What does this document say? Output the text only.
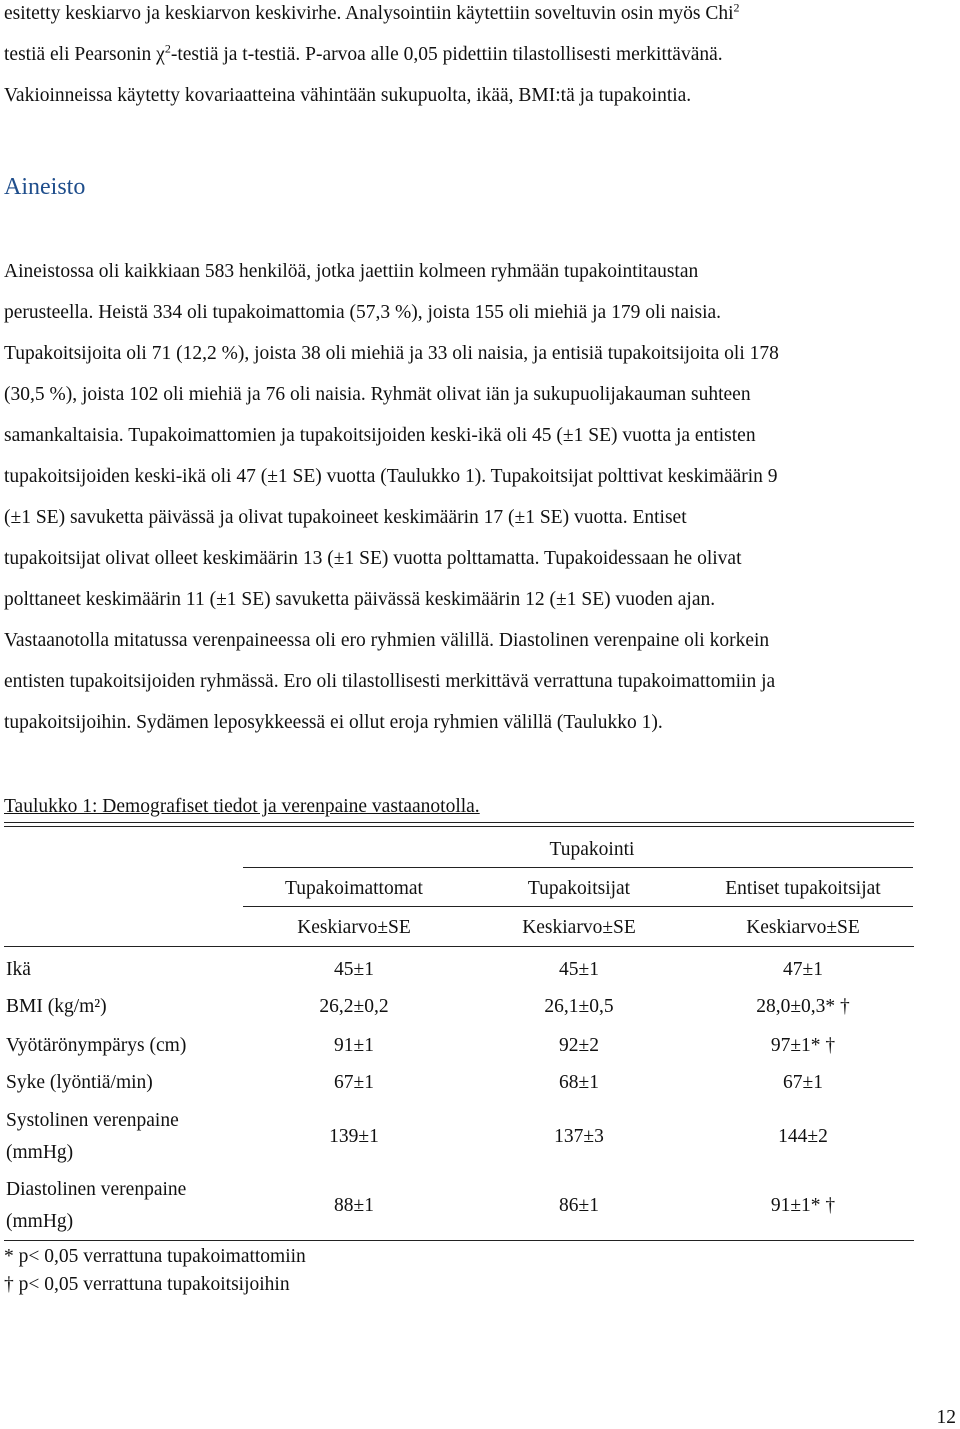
esitetty keskiarvo ja keskiarvon keskivirhe. Analysointiin käytettiin soveltuvin osin myös Chi$^2$
testiä eli Pearsonin $\chi^2$-testiä ja t-testiä. P-arvoa alle 0,05 pidettiin tilastollisesti merkittävänä.
Vakioinneissa käytetty kovariaatteina vähintään sukupuolta, ikää, BMI:tä ja tupakointia.
Aineisto
Aineistossa oli kaikkiaan 583 henkilöä, jotka jaettiin kolmeen ryhmään tupakointitaustan
perusteella. Heistä 334 oli tupakoimattomia (57,3 %), joista 155 oli miehiä ja 179 oli naisia.
Tupakoitsijoita oli 71 (12,2 %), joista 38 oli miehiä ja 33 oli naisia, ja entisiä tupakoitsijoita oli 178
(30,5 %), joista 102 oli miehiä ja 76 oli naisia. Ryhmät olivat iän ja sukupuolijakauman suhteen
samankaltaisia. Tupakoimattomien ja tupakoitsijoiden keski-ikä oli 45 (±1 SE) vuotta ja entisten
tupakoitsijoiden keski-ikä oli 47 (±1 SE) vuotta (Taulukko 1). Tupakoitsijat polttivat keskimäärin 9
(±1 SE) savuketta päivässä ja olivat tupakoineet keskimäärin 17 (±1 SE) vuotta. Entiset
tupakoitsijat olivat olleet keskimäärin 13 (±1 SE) vuotta polttamatta. Tupakoidessaan he olivat
polttaneet keskimäärin 11 (±1 SE) savuketta päivässä keskimäärin 12 (±1 SE) vuoden ajan.
Vastaanotolla mitatussa verenpaineessa oli ero ryhmien välillä. Diastolinen verenpaine oli korkein
entisten tupakoitsijoiden ryhmässä. Ero oli tilastollisesti merkittävä verrattuna tupakoimattomiin ja
tupakoitsijoihin. Sydämen leposykkeessä ei ollut eroja ryhmien välillä (Taulukko 1).
Taulukko 1: Demografiset tiedot ja verenpaine vastaanotolla.
Tupakointi
Tupakoimattomat	Tupakoitsijat	Entiset tupakoitsijat
Keskiarvo±SE	Keskiarvo±SE	Keskiarvo±SE
Ikä	45±1	45±1	47±1
BMI (kg/m²)	26,2±0,2	26,1±0,5	28,0±0,3* †
Vyötärönympärys (cm)	91±1	92±2	97±1* †
Syke (lyöntiä/min)	67±1	68±1	67±1
Systolinen verenpaine
(mmHg)
139±1	137±3	144±2
Diastolinen verenpaine
(mmHg)
88±1	86±1	91±1* †
* p< 0,05 verrattuna tupakoimattomiin
† p< 0,05 verrattuna tupakoitsijoihin
12
